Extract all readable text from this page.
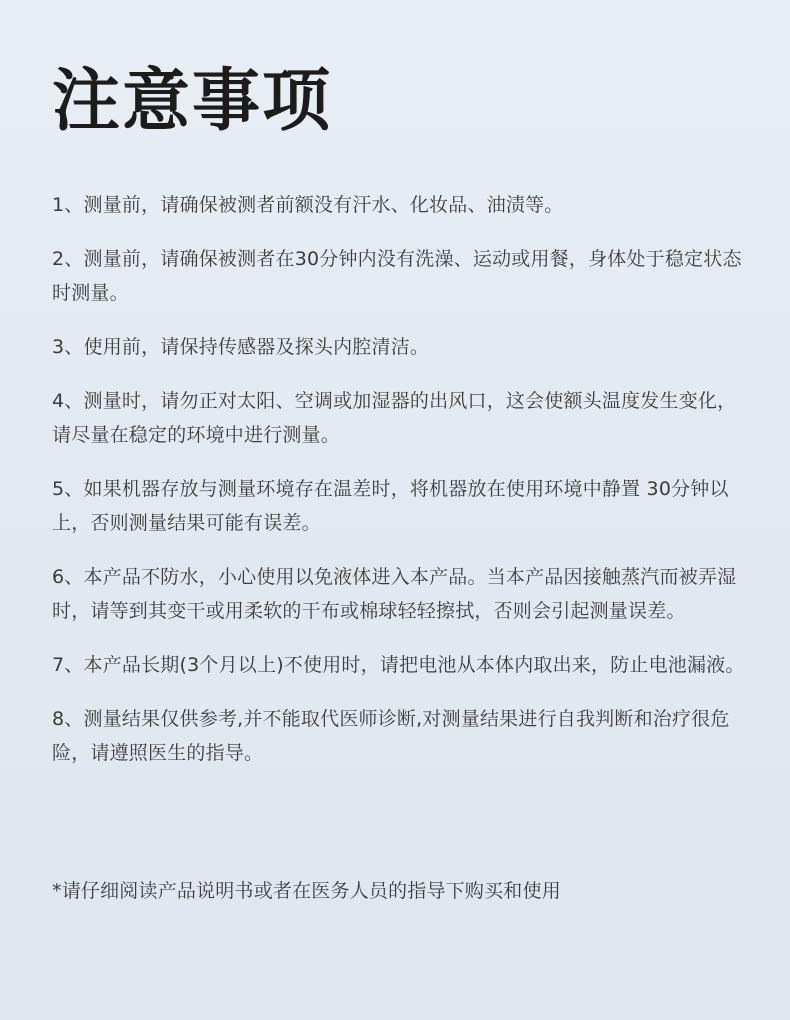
注意事项
1、测量前，请确保被测者前额没有汗水、化妆品、油渍等。
2、测量前，请确保被测者在30分钟内没有洗澡、运动或用餐，身体处于稳定状态时测量。
3、使用前，请保持传感器及探头内腔清洁。
4、测量时，请勿正对太阳、空调或加湿器的出风口，这会使额头温度发生变化，请尽量在稳定的环境中进行测量。
5、如果机器存放与测量环境存在温差时，将机器放在使用环境中静置 30分钟以上，否则测量结果可能有误差。
6、本产品不防水，小心使用以免液体进入本产品。当本产品因接触蒸汽而被弄湿时，请等到其变干或用柔软的干布或棉球轻轻擦拭，否则会引起测量误差。
7、本产品长期(3个月以上)不使用时，请把电池从本体内取出来，防止电池漏液。
8、测量结果仅供参考,并不能取代医师诊断,对测量结果进行自我判断和治疗很危险，请遵照医生的指导。

*请仔细阅读产品说明书或者在医务人员的指导下购买和使用
